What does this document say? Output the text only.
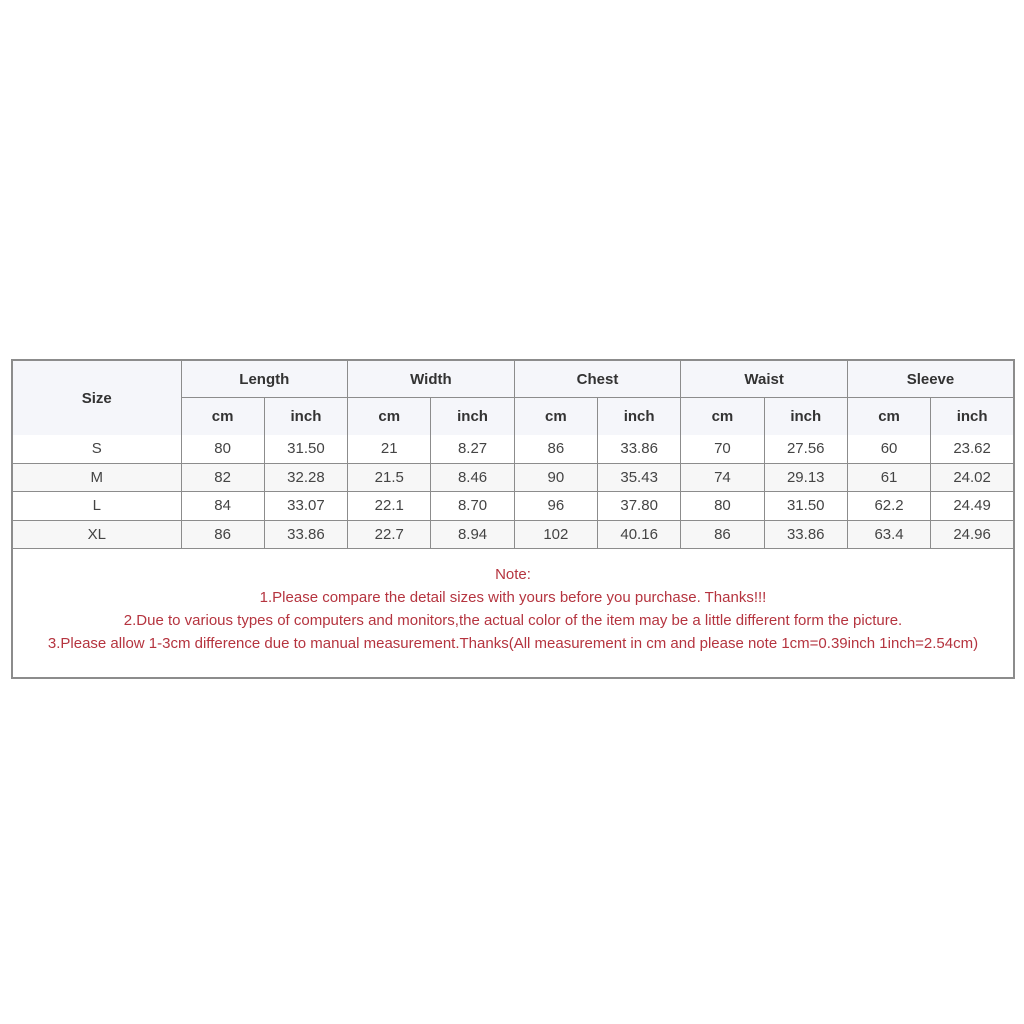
Size	Length		Width		Chest		Waist		Sleeve	
	cm	inch	cm	inch	cm	inch	cm	inch	cm	inch
S	80	31.50	21	8.27	86	33.86	70	27.56	60	23.62
M	82	32.28	21.5	8.46	90	35.43	74	29.13	61	24.02
L	84	33.07	22.1	8.70	96	37.80	80	31.50	62.2	24.49
XL	86	33.86	22.7	8.94	102	40.16	86	33.86	63.4	24.96

Note:
1.Please compare the detail sizes with yours before you purchase. Thanks!!!
2.Due to various types of computers and monitors,the actual color of the item may be a little different form the picture.
3.Please allow 1-3cm difference due to manual measurement.Thanks(All measurement in cm and please note 1cm=0.39inch 1inch=2.54cm)										
